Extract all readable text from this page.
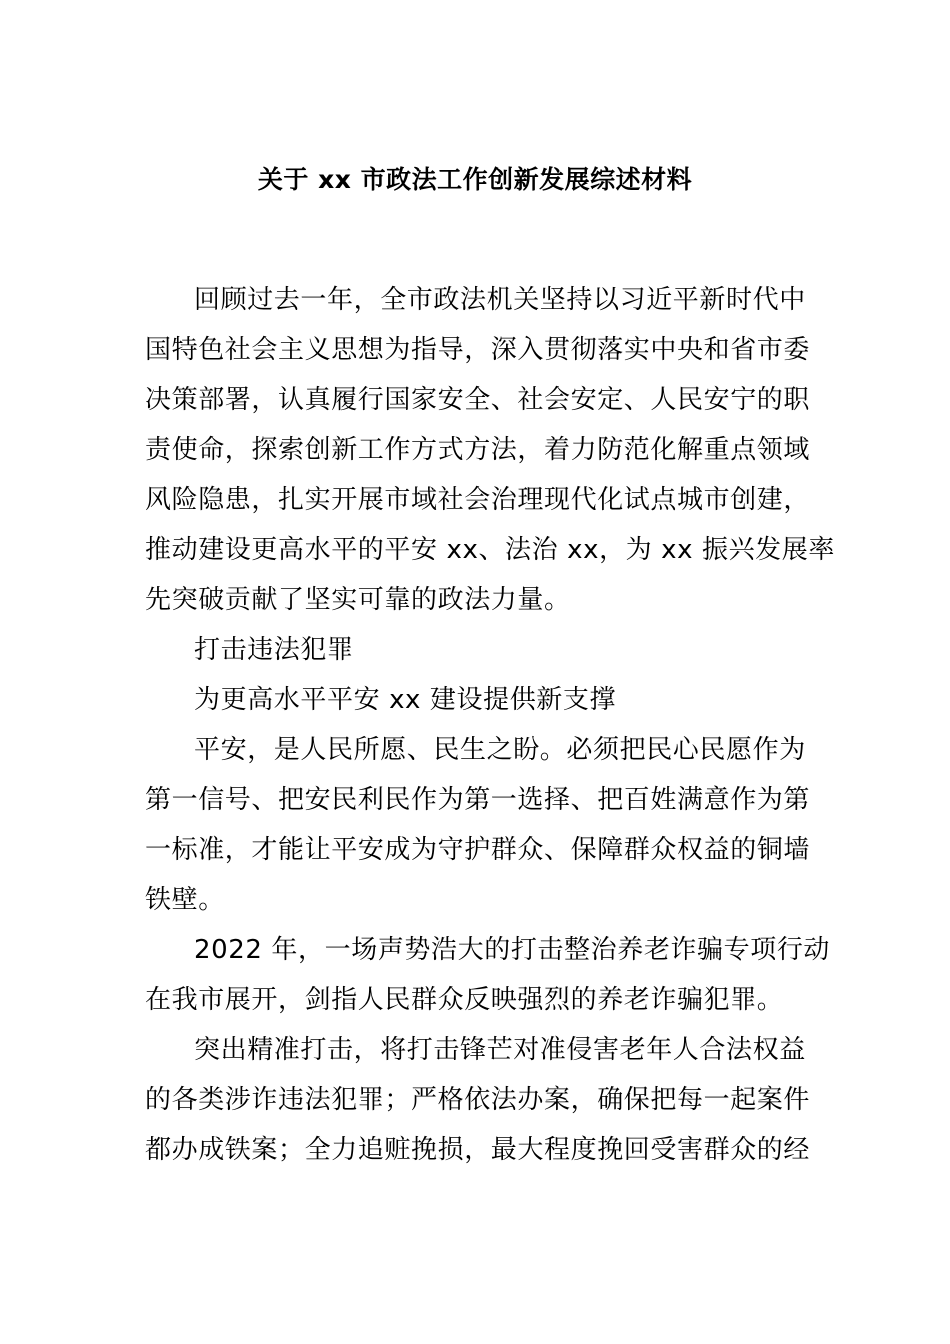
关于 xx 市政法工作创新发展综述材料
回顾过去一年，全市政法机关坚持以习近平新时代中
国特色社会主义思想为指导，深入贯彻落实中央和省市委
决策部署，认真履行国家安全、社会安定、人民安宁的职
责使命，探索创新工作方式方法，着力防范化解重点领域
风险隐患，扎实开展市域社会治理现代化试点城市创建，
推动建设更高水平的平安 xx、法治 xx，为 xx 振兴发展率
先突破贡献了坚实可靠的政法力量。
打击违法犯罪
为更高水平平安 xx 建设提供新支撑
平安，是人民所愿、民生之盼。必须把民心民愿作为
第一信号、把安民利民作为第一选择、把百姓满意作为第
一标准，才能让平安成为守护群众、保障群众权益的铜墙
铁壁。
2022 年，一场声势浩大的打击整治养老诈骗专项行动
在我市展开，剑指人民群众反映强烈的养老诈骗犯罪。
突出精准打击，将打击锋芒对准侵害老年人合法权益
的各类涉诈违法犯罪；严格依法办案，确保把每一起案件
都办成铁案；全力追赃挽损，最大程度挽回受害群众的经
